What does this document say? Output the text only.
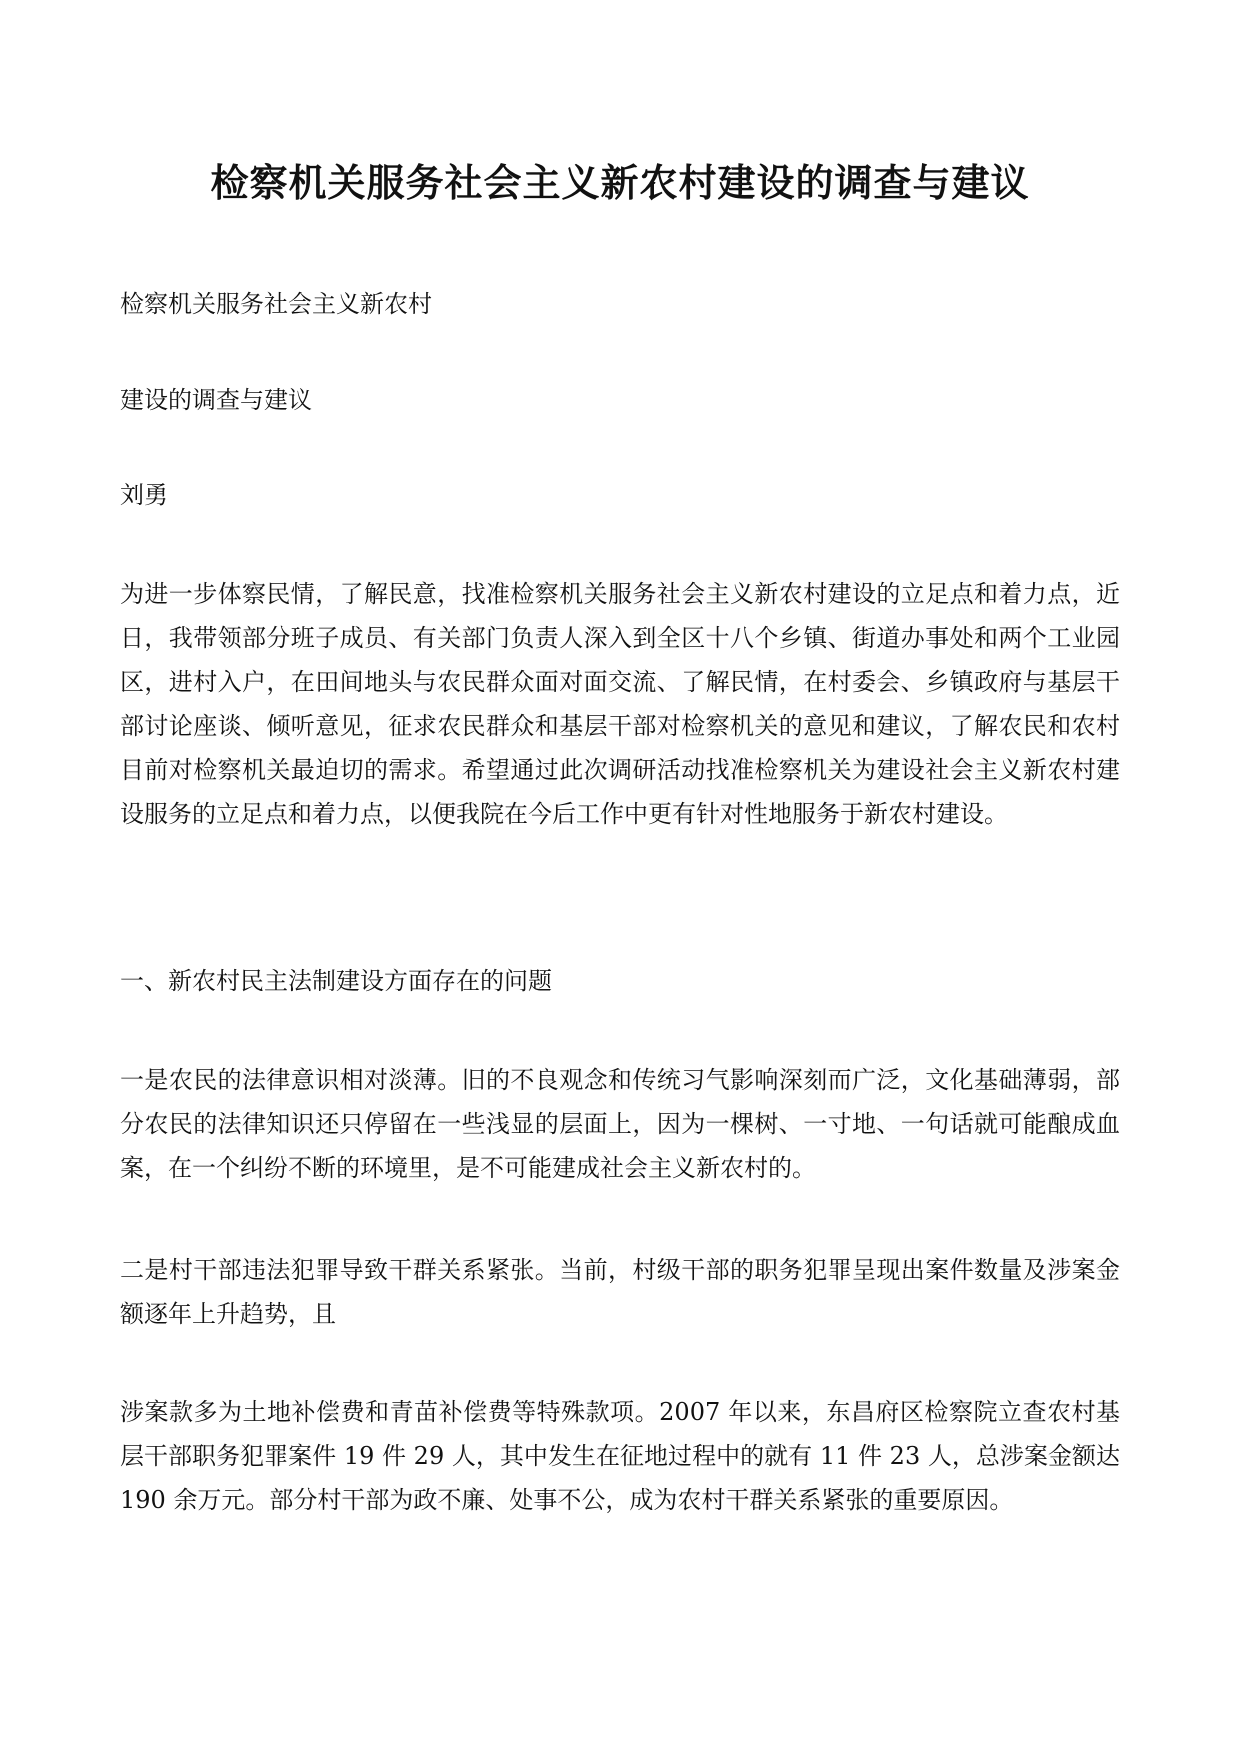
检察机关服务社会主义新农村建设的调查与建议

检察机关服务社会主义新农村

建设的调查与建议

刘勇

为进一步体察民情，了解民意，找准检察机关服务社会主义新农村建设的立足点和着力点，近日，我带领部分班子成员、有关部门负责人深入到全区十八个乡镇、街道办事处和两个工业园区，进村入户，在田间地头与农民群众面对面交流、了解民情，在村委会、乡镇政府与基层干部讨论座谈、倾听意见，征求农民群众和基层干部对检察机关的意见和建议，了解农民和农村目前对检察机关最迫切的需求。希望通过此次调研活动找准检察机关为建设社会主义新农村建设服务的立足点和着力点，以便我院在今后工作中更有针对性地服务于新农村建设。

一、新农村民主法制建设方面存在的问题

一是农民的法律意识相对淡薄。旧的不良观念和传统习气影响深刻而广泛，文化基础薄弱，部分农民的法律知识还只停留在一些浅显的层面上，因为一棵树、一寸地、一句话就可能酿成血案，在一个纠纷不断的环境里，是不可能建成社会主义新农村的。

二是村干部违法犯罪导致干群关系紧张。当前，村级干部的职务犯罪呈现出案件数量及涉案金额逐年上升趋势，且

涉案款多为土地补偿费和青苗补偿费等特殊款项。2007 年以来，东昌府区检察院立查农村基层干部职务犯罪案件 19 件 29 人，其中发生在征地过程中的就有 11 件 23 人，总涉案金额达 190 余万元。部分村干部为政不廉、处事不公，成为农村干群关系紧张的重要原因。
